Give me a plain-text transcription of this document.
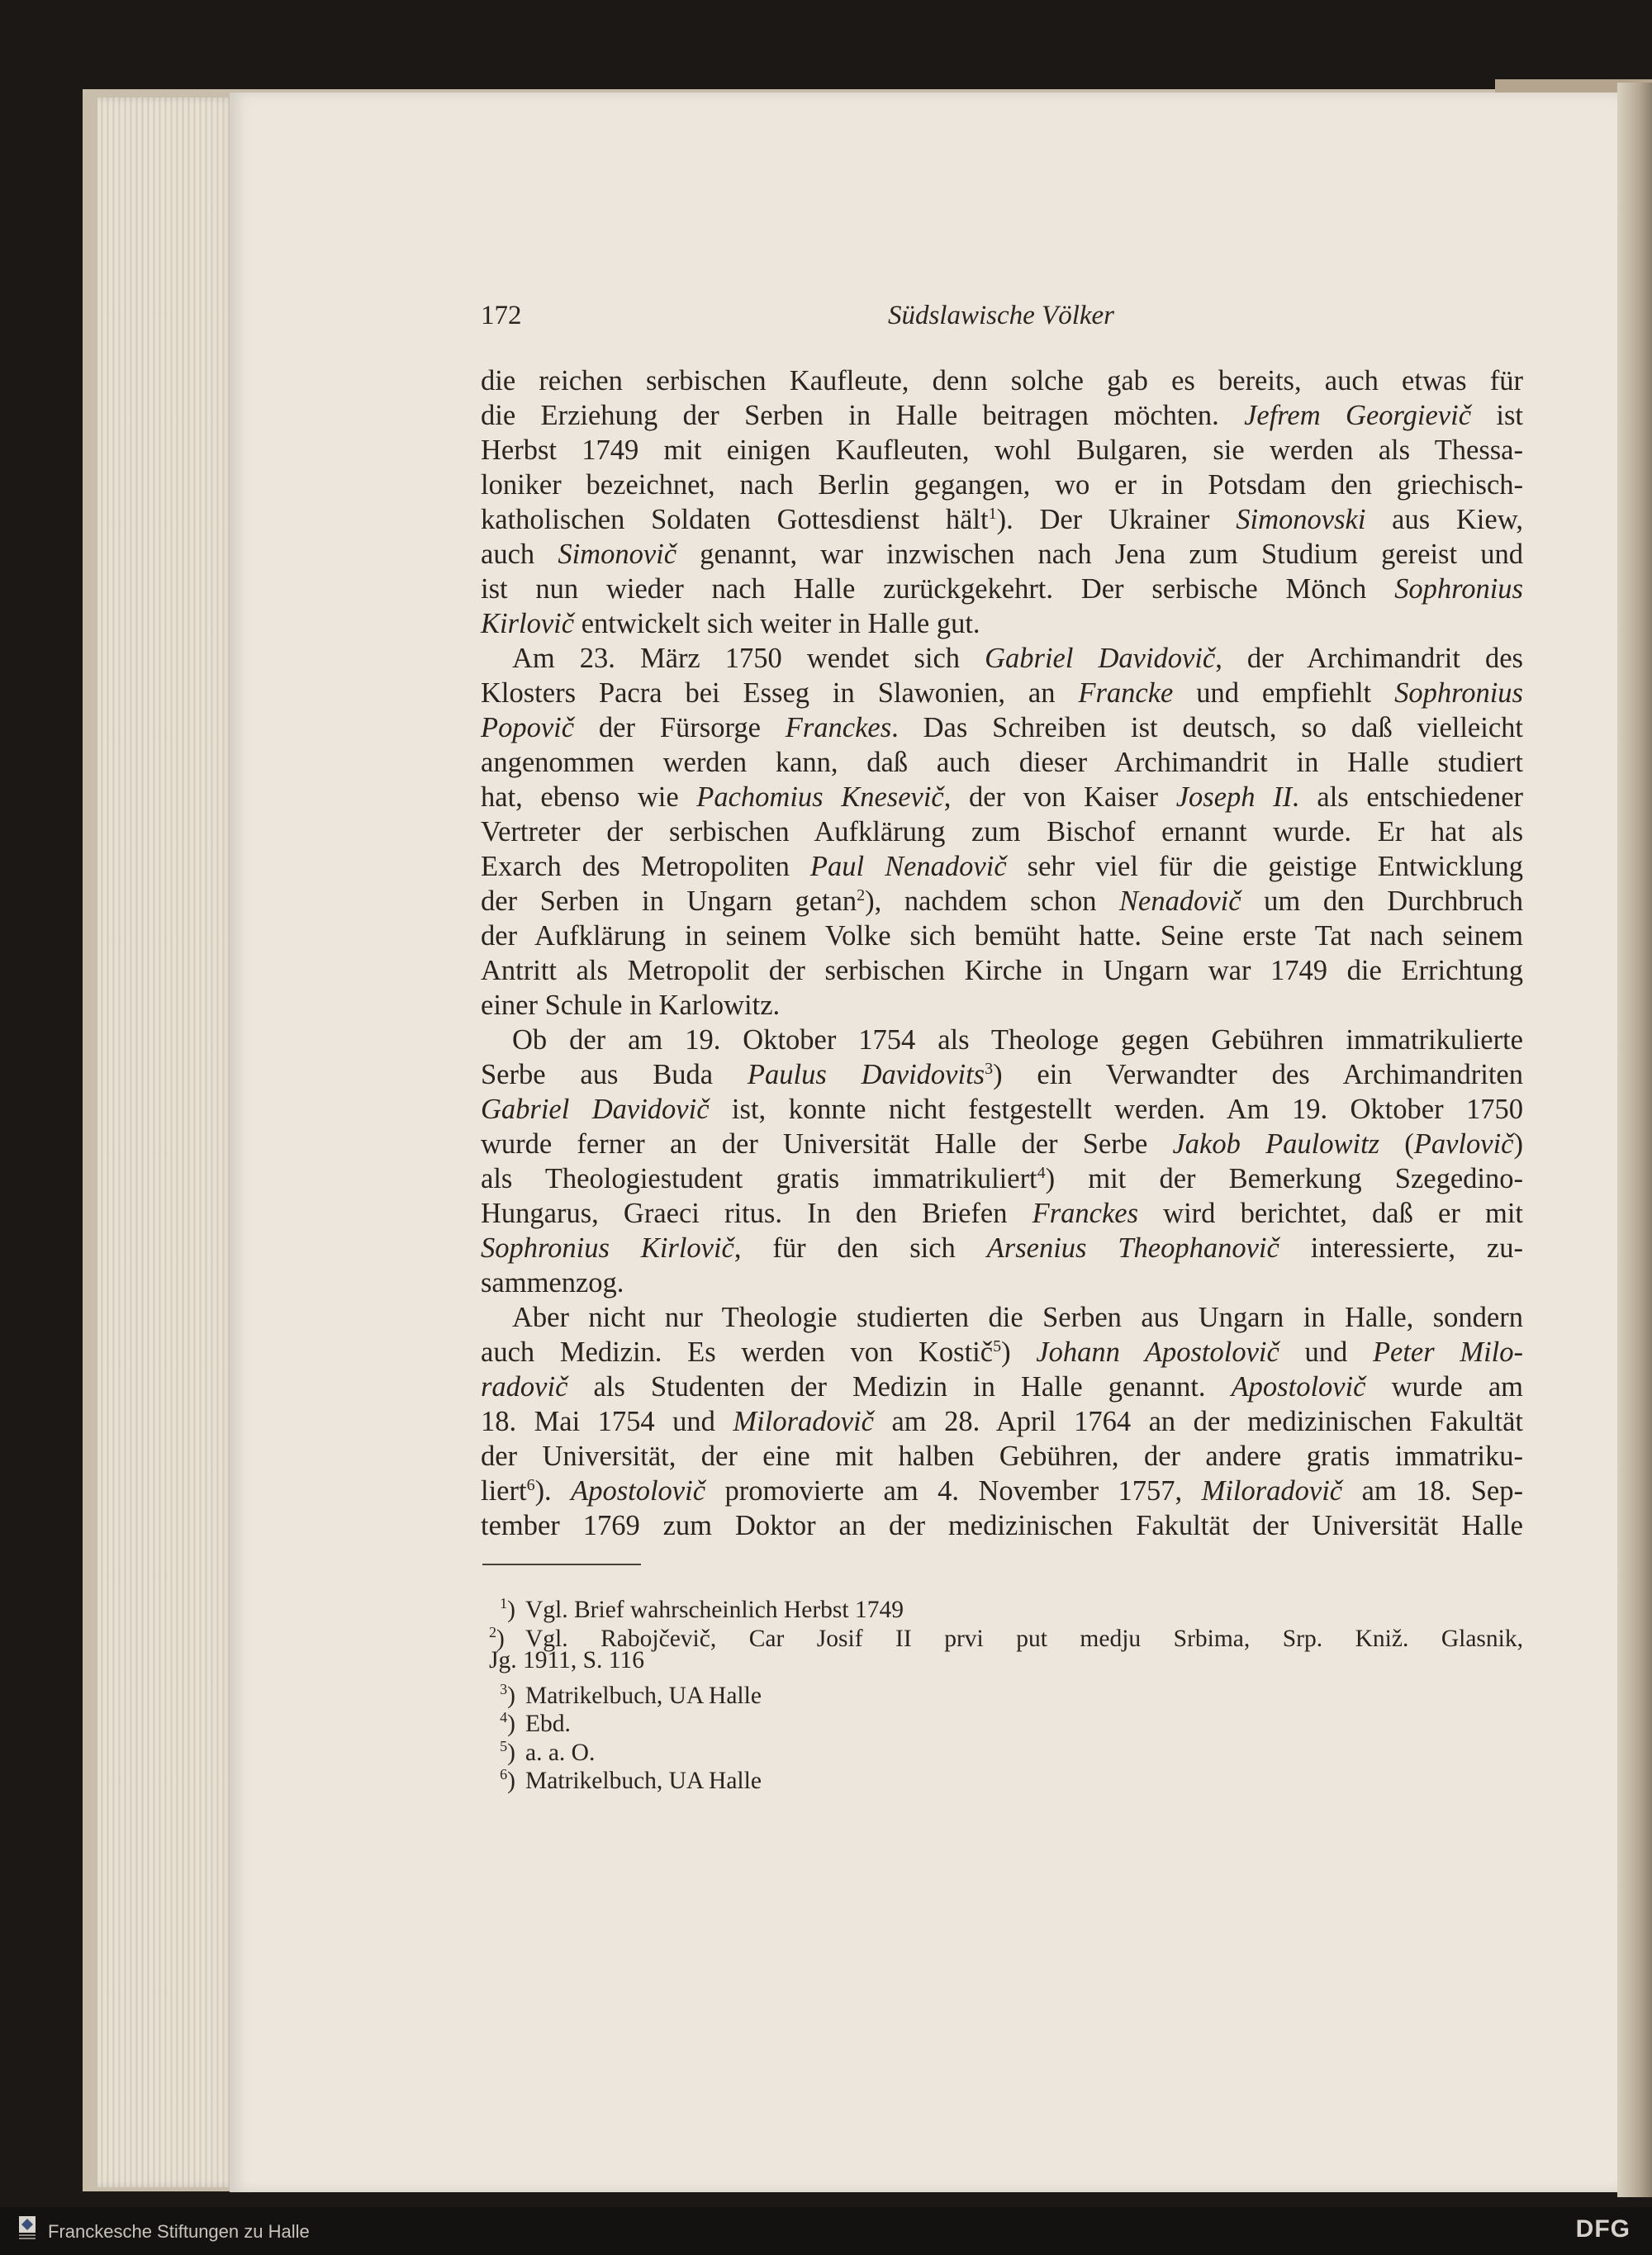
172	Südslawische Völker
die reichen serbischen Kaufleute, denn solche gab es bereits, auch etwas für
die Erziehung der Serben in Halle beitragen möchten. Jefrem Georgievič ist
Herbst 1749 mit einigen Kaufleuten, wohl Bulgaren, sie werden als Thessa-
loniker bezeichnet, nach Berlin gegangen, wo er in Potsdam den griechisch-
katholischen Soldaten Gottesdienst hält$^1$). Der Ukrainer Simonovski aus Kiew,
auch Simonovič genannt, war inzwischen nach Jena zum Studium gereist und
ist nun wieder nach Halle zurückgekehrt. Der serbische Mönch Sophronius
Kirlovič entwickelt sich weiter in Halle gut.
Am 23. März 1750 wendet sich Gabriel Davidovič, der Archimandrit des
Klosters Pacra bei Esseg in Slawonien, an Francke und empfiehlt Sophronius
Popovič der Fürsorge Franckes. Das Schreiben ist deutsch, so daß vielleicht
angenommen werden kann, daß auch dieser Archimandrit in Halle studiert
hat, ebenso wie Pachomius Knesevič, der von Kaiser Joseph II. als entschiedener
Vertreter der serbischen Aufklärung zum Bischof ernannt wurde. Er hat als
Exarch des Metropoliten Paul Nenadovič sehr viel für die geistige Entwicklung
der Serben in Ungarn getan$^2$), nachdem schon Nenadovič um den Durchbruch
der Aufklärung in seinem Volke sich bemüht hatte. Seine erste Tat nach seinem
Antritt als Metropolit der serbischen Kirche in Ungarn war 1749 die Errichtung
einer Schule in Karlowitz.
Ob der am 19. Oktober 1754 als Theologe gegen Gebühren immatrikulierte
Serbe aus Buda Paulus Davidovits$^3$) ein Verwandter des Archimandriten
Gabriel Davidovič ist, konnte nicht festgestellt werden. Am 19. Oktober 1750
wurde ferner an der Universität Halle der Serbe Jakob Paulowitz (Pavlovič)
als Theologiestudent gratis immatrikuliert$^4$) mit der Bemerkung Szegedino-
Hungarus, Graeci ritus. In den Briefen Franckes wird berichtet, daß er mit
Sophronius Kirlovič, für den sich Arsenius Theophanovič interessierte, zu-
sammenzog.
Aber nicht nur Theologie studierten die Serben aus Ungarn in Halle, sondern
auch Medizin. Es werden von Kostič$^5$) Johann Apostolovič und Peter Milo-
radovič als Studenten der Medizin in Halle genannt. Apostolovič wurde am
18. Mai 1754 und Miloradovič am 28. April 1764 an der medizinischen Fakultät
der Universität, der eine mit halben Gebühren, der andere gratis immatriku-
liert$^6$). Apostolovič promovierte am 4. November 1757, Miloradovič am 18. Sep-
tember 1769 zum Doktor an der medizinischen Fakultät der Universität Halle
$^1$) Vgl. Brief wahrscheinlich Herbst 1749
$^2$) Vgl. Rabojčevič, Car Josif II prvi put medju Srbima, Srp. Kniž. Glasnik,
Jg. 1911, S. 116
$^3$) Matrikelbuch, UA Halle
$^4$) Ebd.
$^5$) a. a. O.
$^6$) Matrikelbuch, UA Halle
Franckesche Stiftungen zu Halle	DFG
